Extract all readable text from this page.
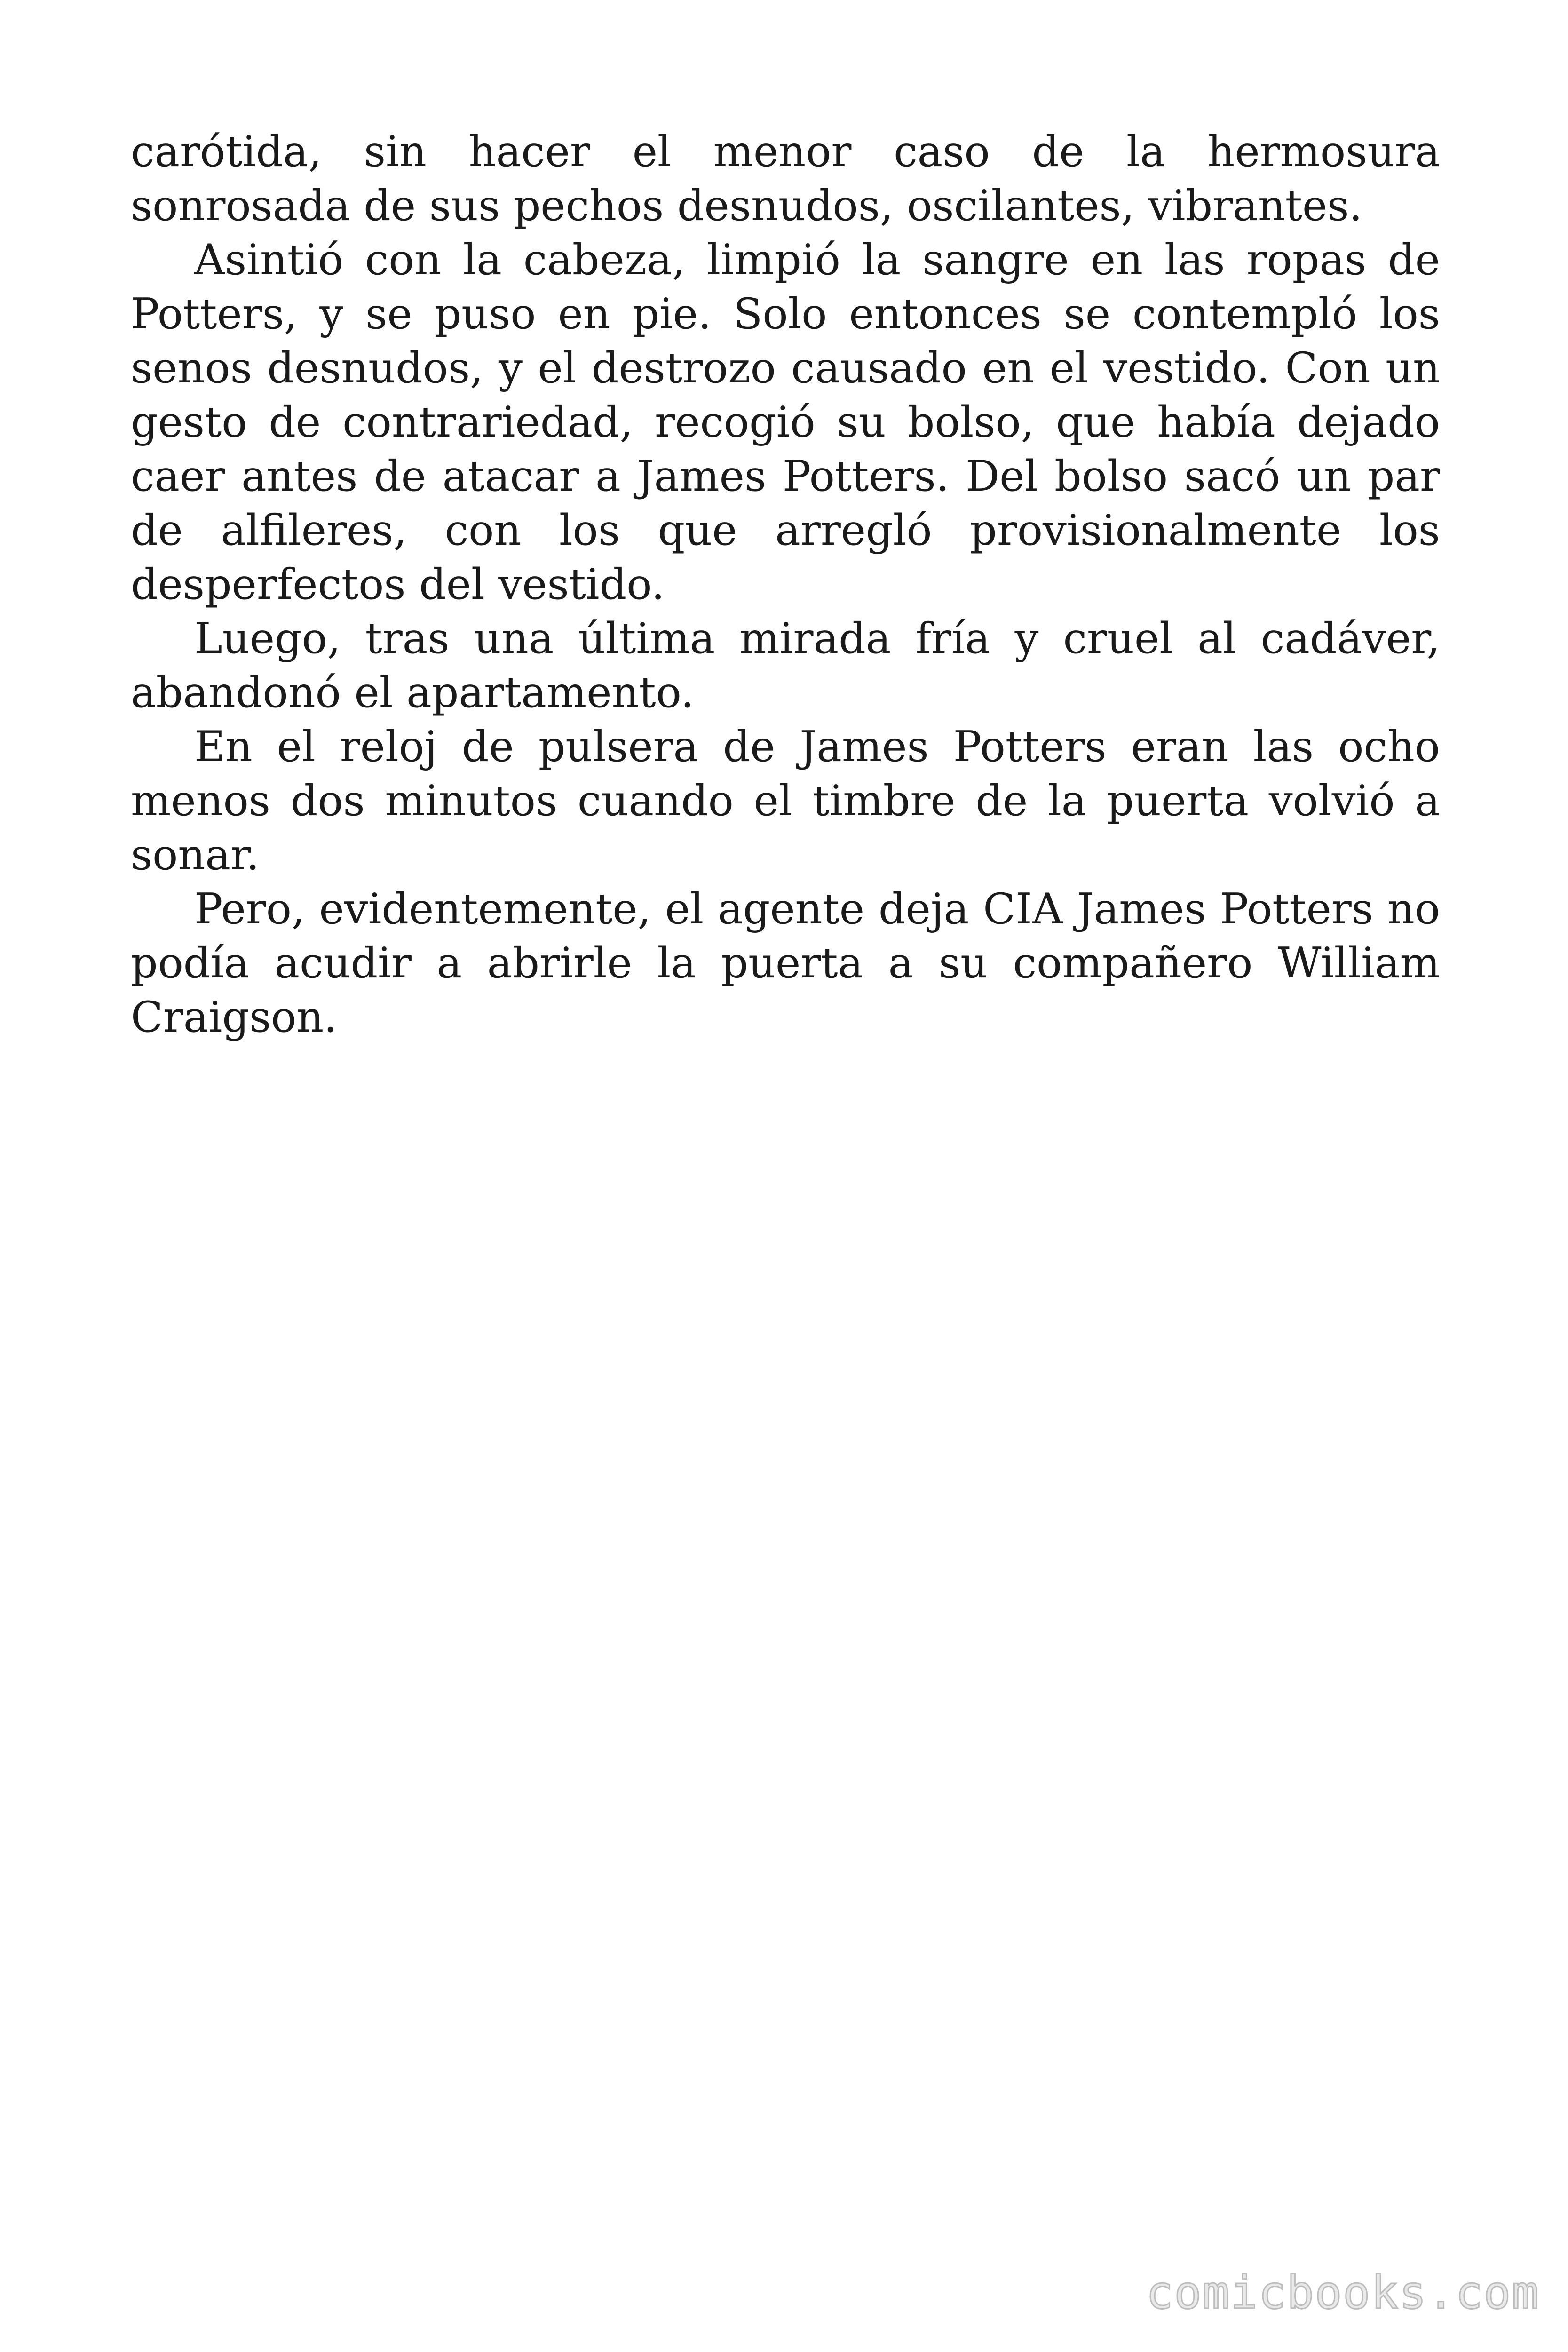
carótida, sin hacer el menor caso de la hermosura sonrosada de sus pechos desnudos, oscilantes, vibrantes.

Asintió con la cabeza, limpió la sangre en las ropas de Potters, y se puso en pie. Solo entonces se contempló los senos desnudos, y el destrozo causado en el vestido. Con un gesto de contrariedad, recogió su bolso, que había dejado caer antes de atacar a James Potters. Del bolso sacó un par de alfileres, con los que arregló provisionalmente los desperfectos del vestido.

Luego, tras una última mirada fría y cruel al cadáver, abandonó el apartamento.

En el reloj de pulsera de James Potters eran las ocho menos dos minutos cuando el timbre de la puerta volvió a sonar.

Pero, evidentemente, el agente deja CIA James Potters no podía acudir a abrirle la puerta a su compañero William Craigson.

comicbooks.com
